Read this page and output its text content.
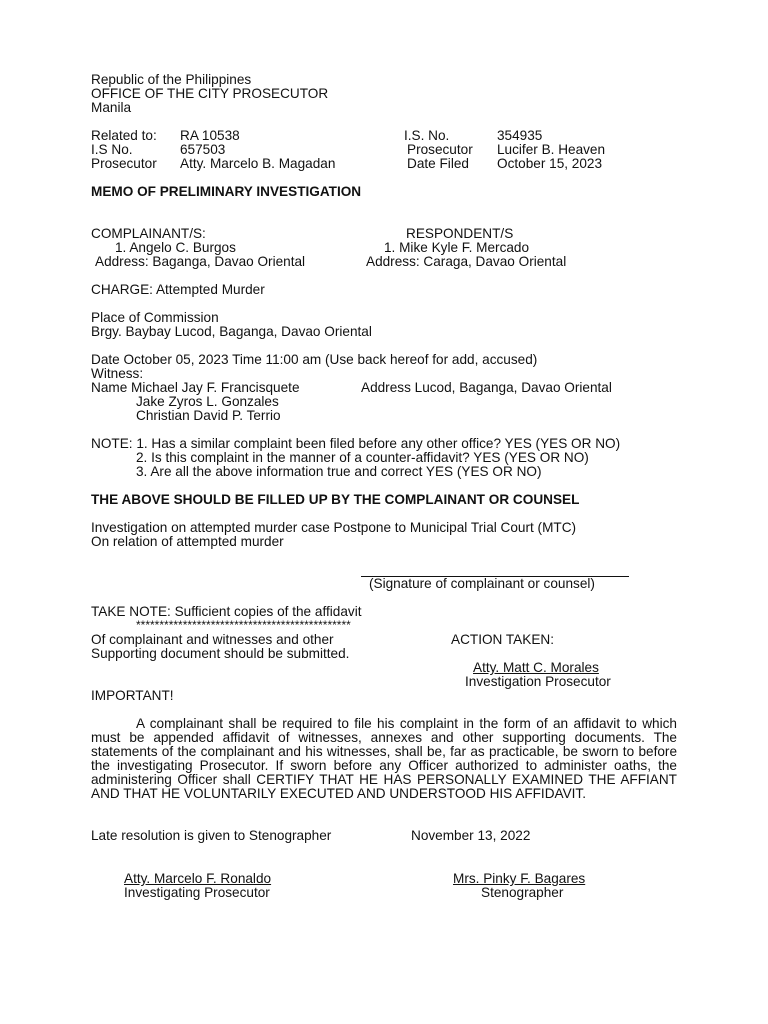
Republic of the Philippines
OFFICE OF THE CITY PROSECUTOR
Manila
Related to: RA 10538	I.S. No.	354935
I.S No.	657503	Prosecutor Lucifer B. Heaven
Prosecutor Atty. Marcelo B. Magadan	Date Filed October 15, 2023
MEMO OF PRELIMINARY INVESTIGATION
COMPLAINANT/S:
1. Angelo C. Burgos
Address: Baganga, Davao Oriental
RESPONDENT/S
1. Mike Kyle F. Mercado
Address: Caraga, Davao Oriental
CHARGE: Attempted Murder
Place of Commission
Brgy. Baybay Lucod, Baganga, Davao Oriental
Date October 05, 2023 Time 11:00 am (Use back hereof for add, accused)
Witness:
Name Michael Jay F. Francisquete	Address Lucod, Baganga, Davao Oriental
Jake Zyros L. Gonzales
Christian David P. Terrio
NOTE: 1. Has a similar complaint been filed before any other office? YES (YES OR NO)
2. Is this complaint in the manner of a counter-affidavit? YES (YES OR NO)
3. Are all the above information true and correct YES (YES OR NO)
THE ABOVE SHOULD BE FILLED UP BY THE COMPLAINANT OR COUNSEL
Investigation on attempted murder case Postpone to Municipal Trial Court (MTC)
On relation of attempted murder
(Signature of complainant or counsel)
TAKE NOTE: Sufficient copies of the affidavit
**********************************************
Of complainant and witnesses and other
Supporting document should be submitted.
ACTION TAKEN:
Atty. Matt C. Morales
Investigation Prosecutor
IMPORTANT!
A complainant shall be required to file his complaint in the form of an affidavit to which must be appended affidavit of witnesses, annexes and other supporting documents. The statements of the complainant and his witnesses, shall be, far as practicable, be sworn to before the investigating Prosecutor. If sworn before any Officer authorized to administer oaths, the administering Officer shall CERTIFY THAT HE HAS PERSONALLY EXAMINED THE AFFIANT AND THAT HE VOLUNTARILY EXECUTED AND UNDERSTOOD HIS AFFIDAVIT.
Late resolution is given to Stenographer	November 13, 2022
Atty. Marcelo F. Ronaldo
Investigating Prosecutor
Mrs. Pinky F. Bagares
Stenographer
